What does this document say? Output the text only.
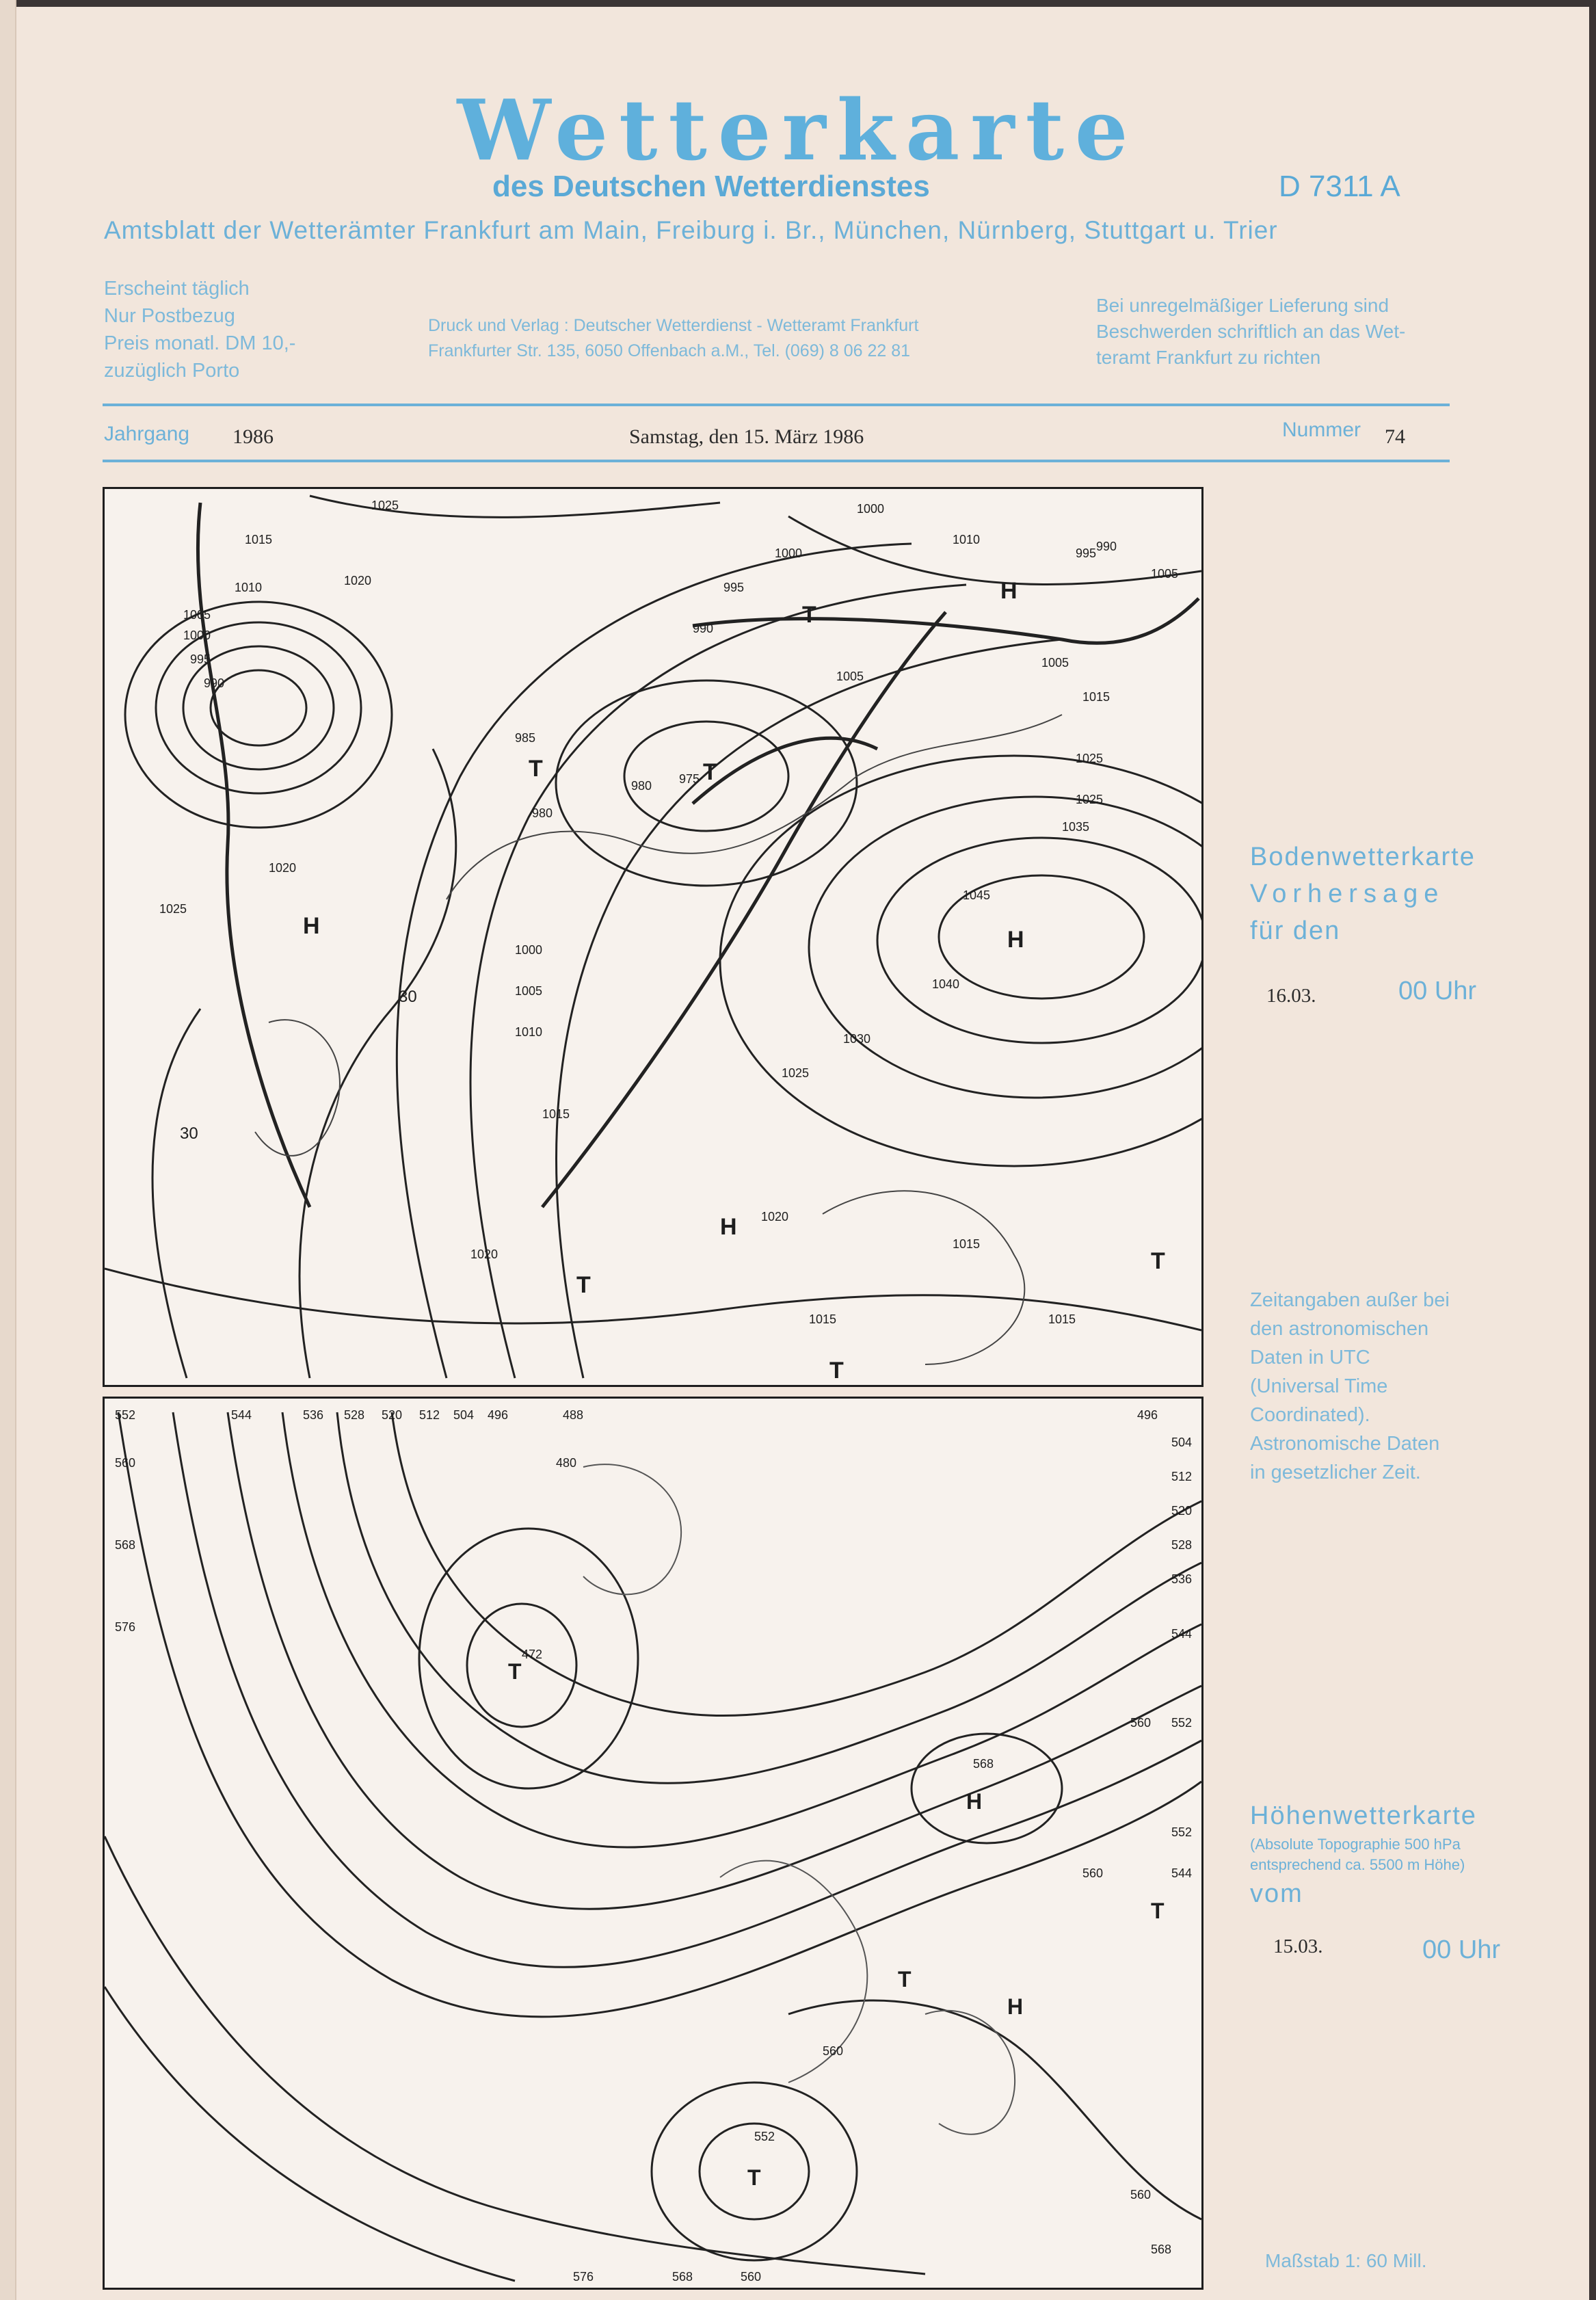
Wetterkarte
des Deutschen Wetterdienstes	D 7311 A
Amtsblatt der Wetterämter Frankfurt am Main, Freiburg i. Br., München, Nürnberg, Stuttgart u. Trier
Erscheint täglich
Nur Postbezug
Preis monatl. DM 10,-
zuzüglich Porto
Druck und Verlag : Deutscher Wetterdienst - Wetteramt Frankfurt
Frankfurter Str. 135, 6050 Offenbach a.M., Tel. (069) 8 06 22 81
Bei unregelmäßiger Lieferung sind
Beschwerden schriftlich an das Wet-
teramt Frankfurt zu richten
Jahrgang 1986	Samstag, den 15. März 1986	Nummer 74
1025
1015
1010
1005
1000
995
990
1020
1025
1020
985
980 975
1035
1045
1040
1030
1025
1015
1010
1005
1000
995 990
1020
1015	1015
1025
1020
995
1000
1005
990
1010
1005
1015
1025
1015
30
30
1000
1005
980
H
H
H
H
T	T
T
T
T
T
552	544	536 528 520 512 504 496	488
480
560
568
576
472
496
504
512
520
528
536
544
552
560
568
560
552
544
552
560
568
560
576	568	560
T
H
T
T
H
T
Bodenwetterkarte
Vorhersage
für den
16.03.	00 Uhr
Zeitangaben außer bei
den astronomischen
Daten in UTC
(Universal Time
Coordinated).
Astronomische Daten
in gesetzlicher Zeit.
Höhenwetterkarte
(Absolute Topographie 500 hPa
entsprechend ca. 5500 m Höhe)
vom
15.03.	00 Uhr
Maßstab 1: 60 Mill.
